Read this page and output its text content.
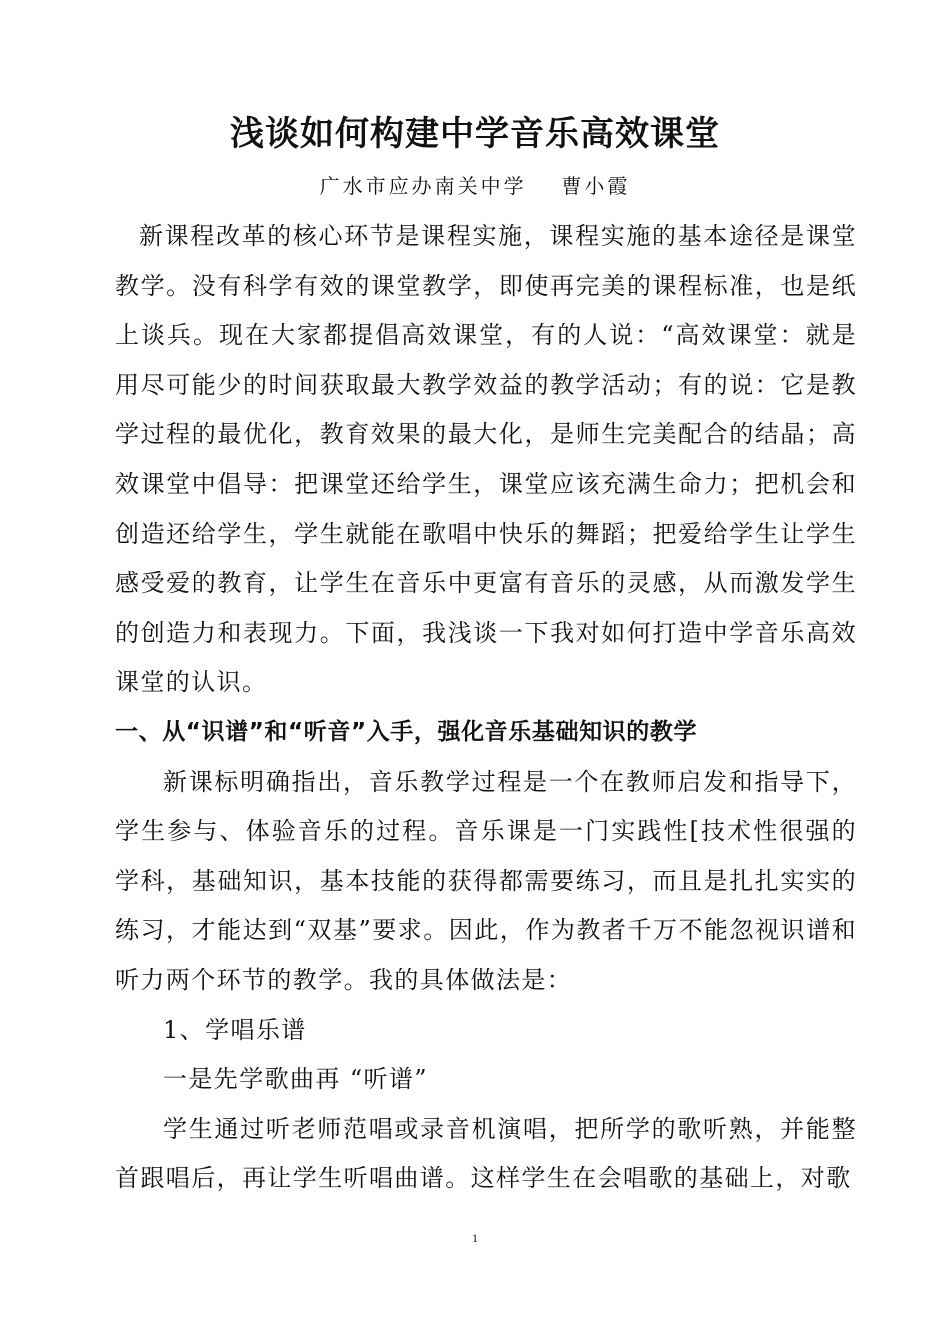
浅谈如何构建中学音乐高效课堂
广水市应办南关中学  曹小霞

新课程改革的核心环节是课程实施，课程实施的基本途径是课堂教学。没有科学有效的课堂教学，即使再完美的课程标准，也是纸上谈兵。现在大家都提倡高效课堂，有的人说：“高效课堂：就是用尽可能少的时间获取最大教学效益的教学活动；有的说：它是教学过程的最优化，教育效果的最大化，是师生完美配合的结晶；高效课堂中倡导：把课堂还给学生，课堂应该充满生命力；把机会和创造还给学生，学生就能在歌唱中快乐的舞蹈；把爱给学生让学生感受爱的教育，让学生在音乐中更富有音乐的灵感，从而激发学生的创造力和表现力。下面，我浅谈一下我对如何打造中学音乐高效课堂的认识。

一、从“识谱”和“听音”入手，强化音乐基础知识的教学

新课标明确指出，音乐教学过程是一个在教师启发和指导下，学生参与、体验音乐的过程。音乐课是一门实践性[技术性很强的学科，基础知识，基本技能的获得都需要练习，而且是扎扎实实的练习，才能达到“双基”要求。因此，作为教者千万不能忽视识谱和听力两个环节的教学。我的具体做法是：

1、学唱乐谱

一是先学歌曲再 “听谱”

学生通过听老师范唱或录音机演唱，把所学的歌听熟，并能整首跟唱后，再让学生听唱曲谱。这样学生在会唱歌的基础上，对歌

1
